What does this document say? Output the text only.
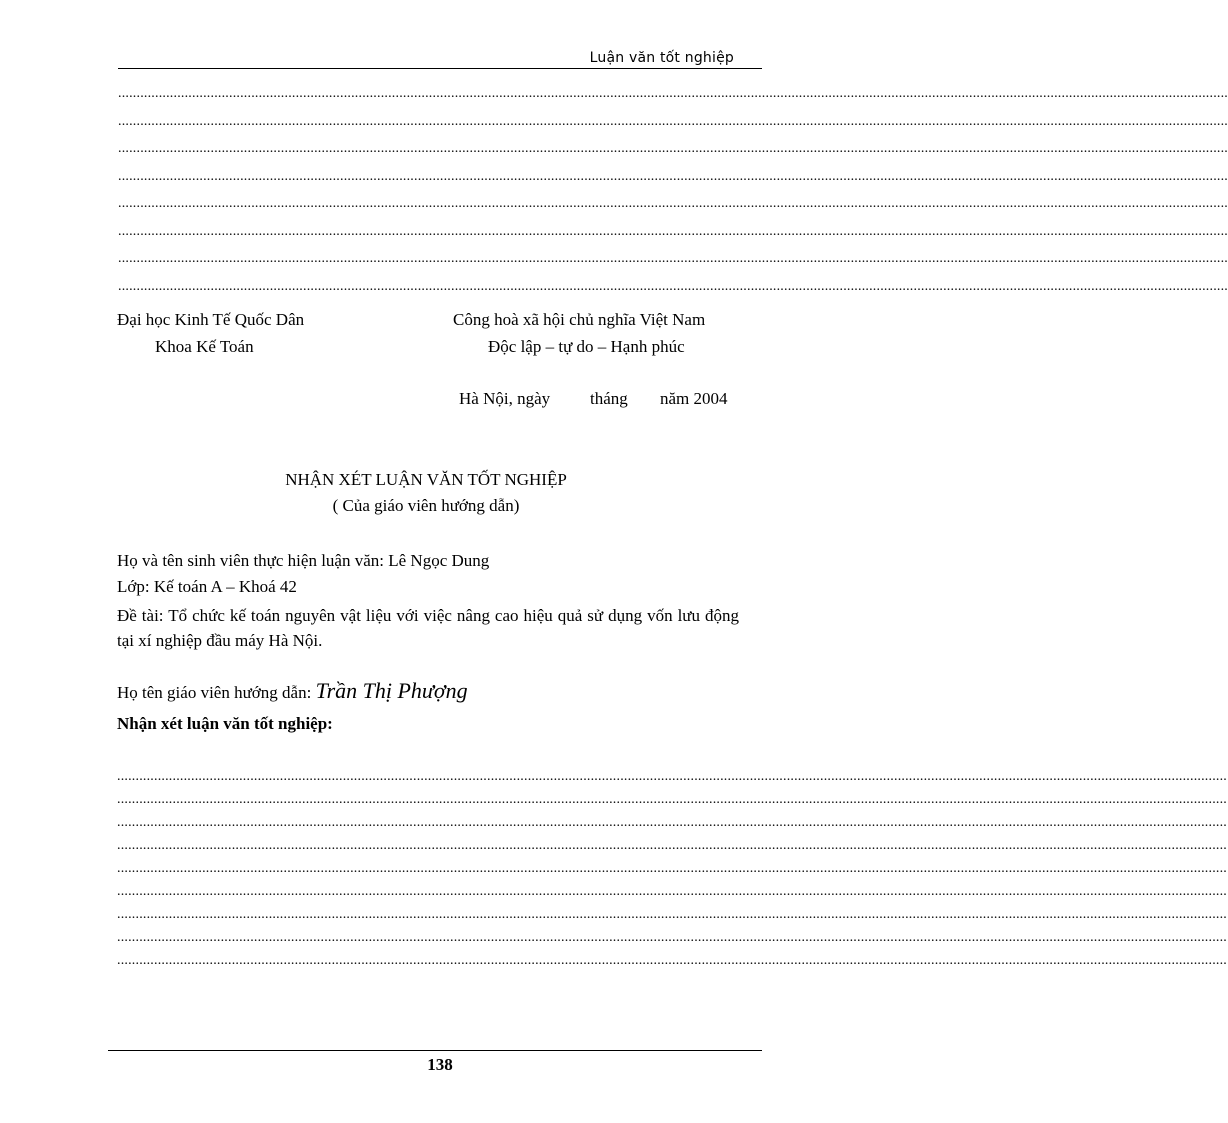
Luận văn tốt nghiệp
............................................................................................................................................................................................................................................................................................................
............................................................................................................................................................................................................................................................................................................
............................................................................................................................................................................................................................................................................................................
............................................................................................................................................................................................................................................................................................................
............................................................................................................................................................................................................................................................................................................
............................................................................................................................................................................................................................................................................................................
............................................................................................................................................................................................................................................................................................................
............................................................................................................................................................................................................................................................................................................
Đại học Kinh Tế Quốc Dân
Khoa Kế Toán
Công hoà xã hội chủ nghĩa Việt Nam
Độc lập – tự do – Hạnh phúc
Hà Nội, ngày tháng năm 2004
NHẬN XÉT LUẬN VĂN TỐT NGHIỆP
( Của giáo viên hướng dẫn)
Họ và tên sinh viên thực hiện luận văn: Lê Ngọc Dung
Lớp: Kế toán A – Khoá 42
Đề tài: Tổ chức kế toán nguyên vật liệu với việc nâng cao hiệu quả sử dụng vốn lưu động tại xí nghiệp đầu máy Hà Nội.
Họ tên giáo viên hướng dẫn: Trần Thị Phượng
Nhận xét luận văn tốt nghiệp:
............................................................................................................................................................................................................................................................................................................
............................................................................................................................................................................................................................................................................................................
............................................................................................................................................................................................................................................................................................................
............................................................................................................................................................................................................................................................................................................
............................................................................................................................................................................................................................................................................................................
............................................................................................................................................................................................................................................................................................................
............................................................................................................................................................................................................................................................................................................
............................................................................................................................................................................................................................................................................................................
............................................................................................................................................................................................................................................................................................................
138
